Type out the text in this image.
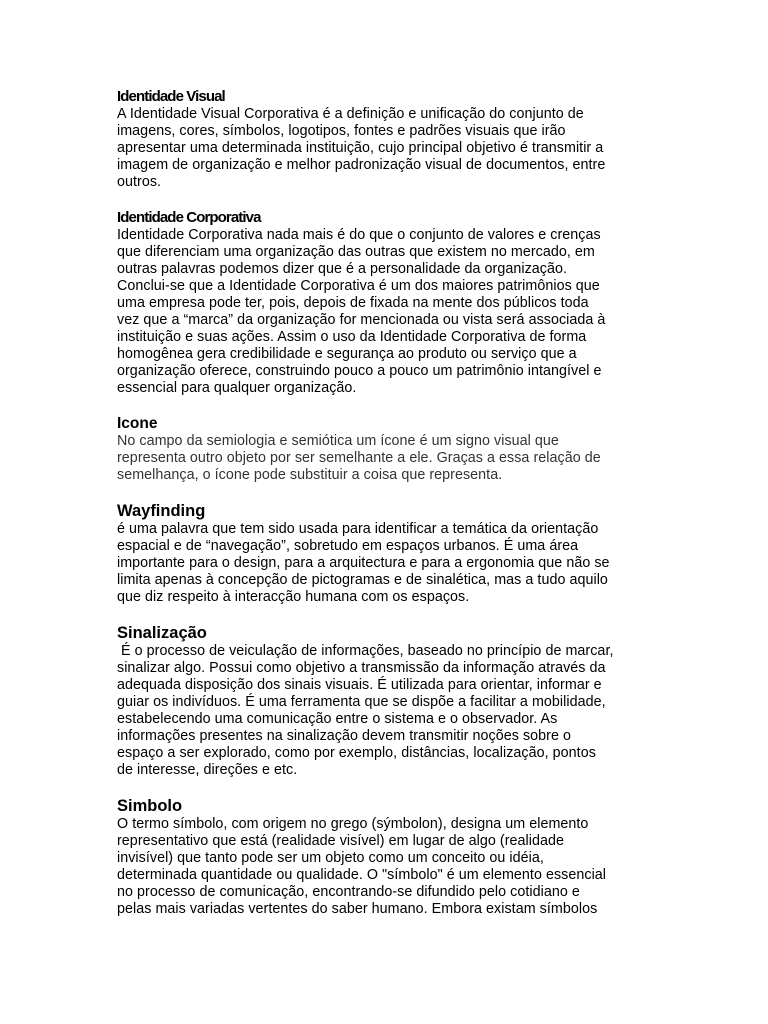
Identidade Visual

A Identidade Visual Corporativa é a definição e unificação do conjunto de
imagens, cores, símbolos, logotipos, fontes e padrões visuais que irão
apresentar uma determinada instituição, cujo principal objetivo é transmitir a
imagem de organização e melhor padronização visual de documentos, entre
outros.

Identidade Corporativa

Identidade Corporativa nada mais é do que o conjunto de valores e crenças
que diferenciam uma organização das outras que existem no mercado, em
outras palavras podemos dizer que é a personalidade da organização.
Conclui-se que a Identidade Corporativa é um dos maiores patrimônios que
uma empresa pode ter, pois, depois de fixada na mente dos públicos toda
vez que a “marca” da organização for mencionada ou vista será associada à
instituição e suas ações. Assim o uso da Identidade Corporativa de forma
homogênea gera credibilidade e segurança ao produto ou serviço que a
organização oferece, construindo pouco a pouco um patrimônio intangível e
essencial para qualquer organização.

Icone

No campo da semiologia e semiótica um ícone é um signo visual que
representa outro objeto por ser semelhante a ele. Graças a essa relação de
semelhança, o ícone pode substituir a coisa que representa.

Wayfinding

é uma palavra que tem sido usada para identificar a temática da orientação
espacial e de “navegação”, sobretudo em espaços urbanos. É uma área
importante para o design, para a arquitectura e para a ergonomia que não se
limita apenas à concepção de pictogramas e de sinalética, mas a tudo aquilo
que diz respeito à interacção humana com os espaços.

Sinalização

É o processo de veiculação de informações, baseado no princípio de marcar,
sinalizar algo. Possui como objetivo a transmissão da informação através da
adequada disposição dos sinais visuais. É utilizada para orientar, informar e
guiar os indivíduos. É uma ferramenta que se dispõe a facilitar a mobilidade,
estabelecendo uma comunicação entre o sistema e o observador. As
informações presentes na sinalização devem transmitir noções sobre o
espaço a ser explorado, como por exemplo, distâncias, localização, pontos
de interesse, direções e etc.

Simbolo

O termo símbolo, com origem no grego (sýmbolon), designa um elemento
representativo que está (realidade visível) em lugar de algo (realidade
invisível) que tanto pode ser um objeto como um conceito ou idéia,
determinada quantidade ou qualidade. O "símbolo" é um elemento essencial
no processo de comunicação, encontrando-se difundido pelo cotidiano e
pelas mais variadas vertentes do saber humano. Embora existam símbolos
